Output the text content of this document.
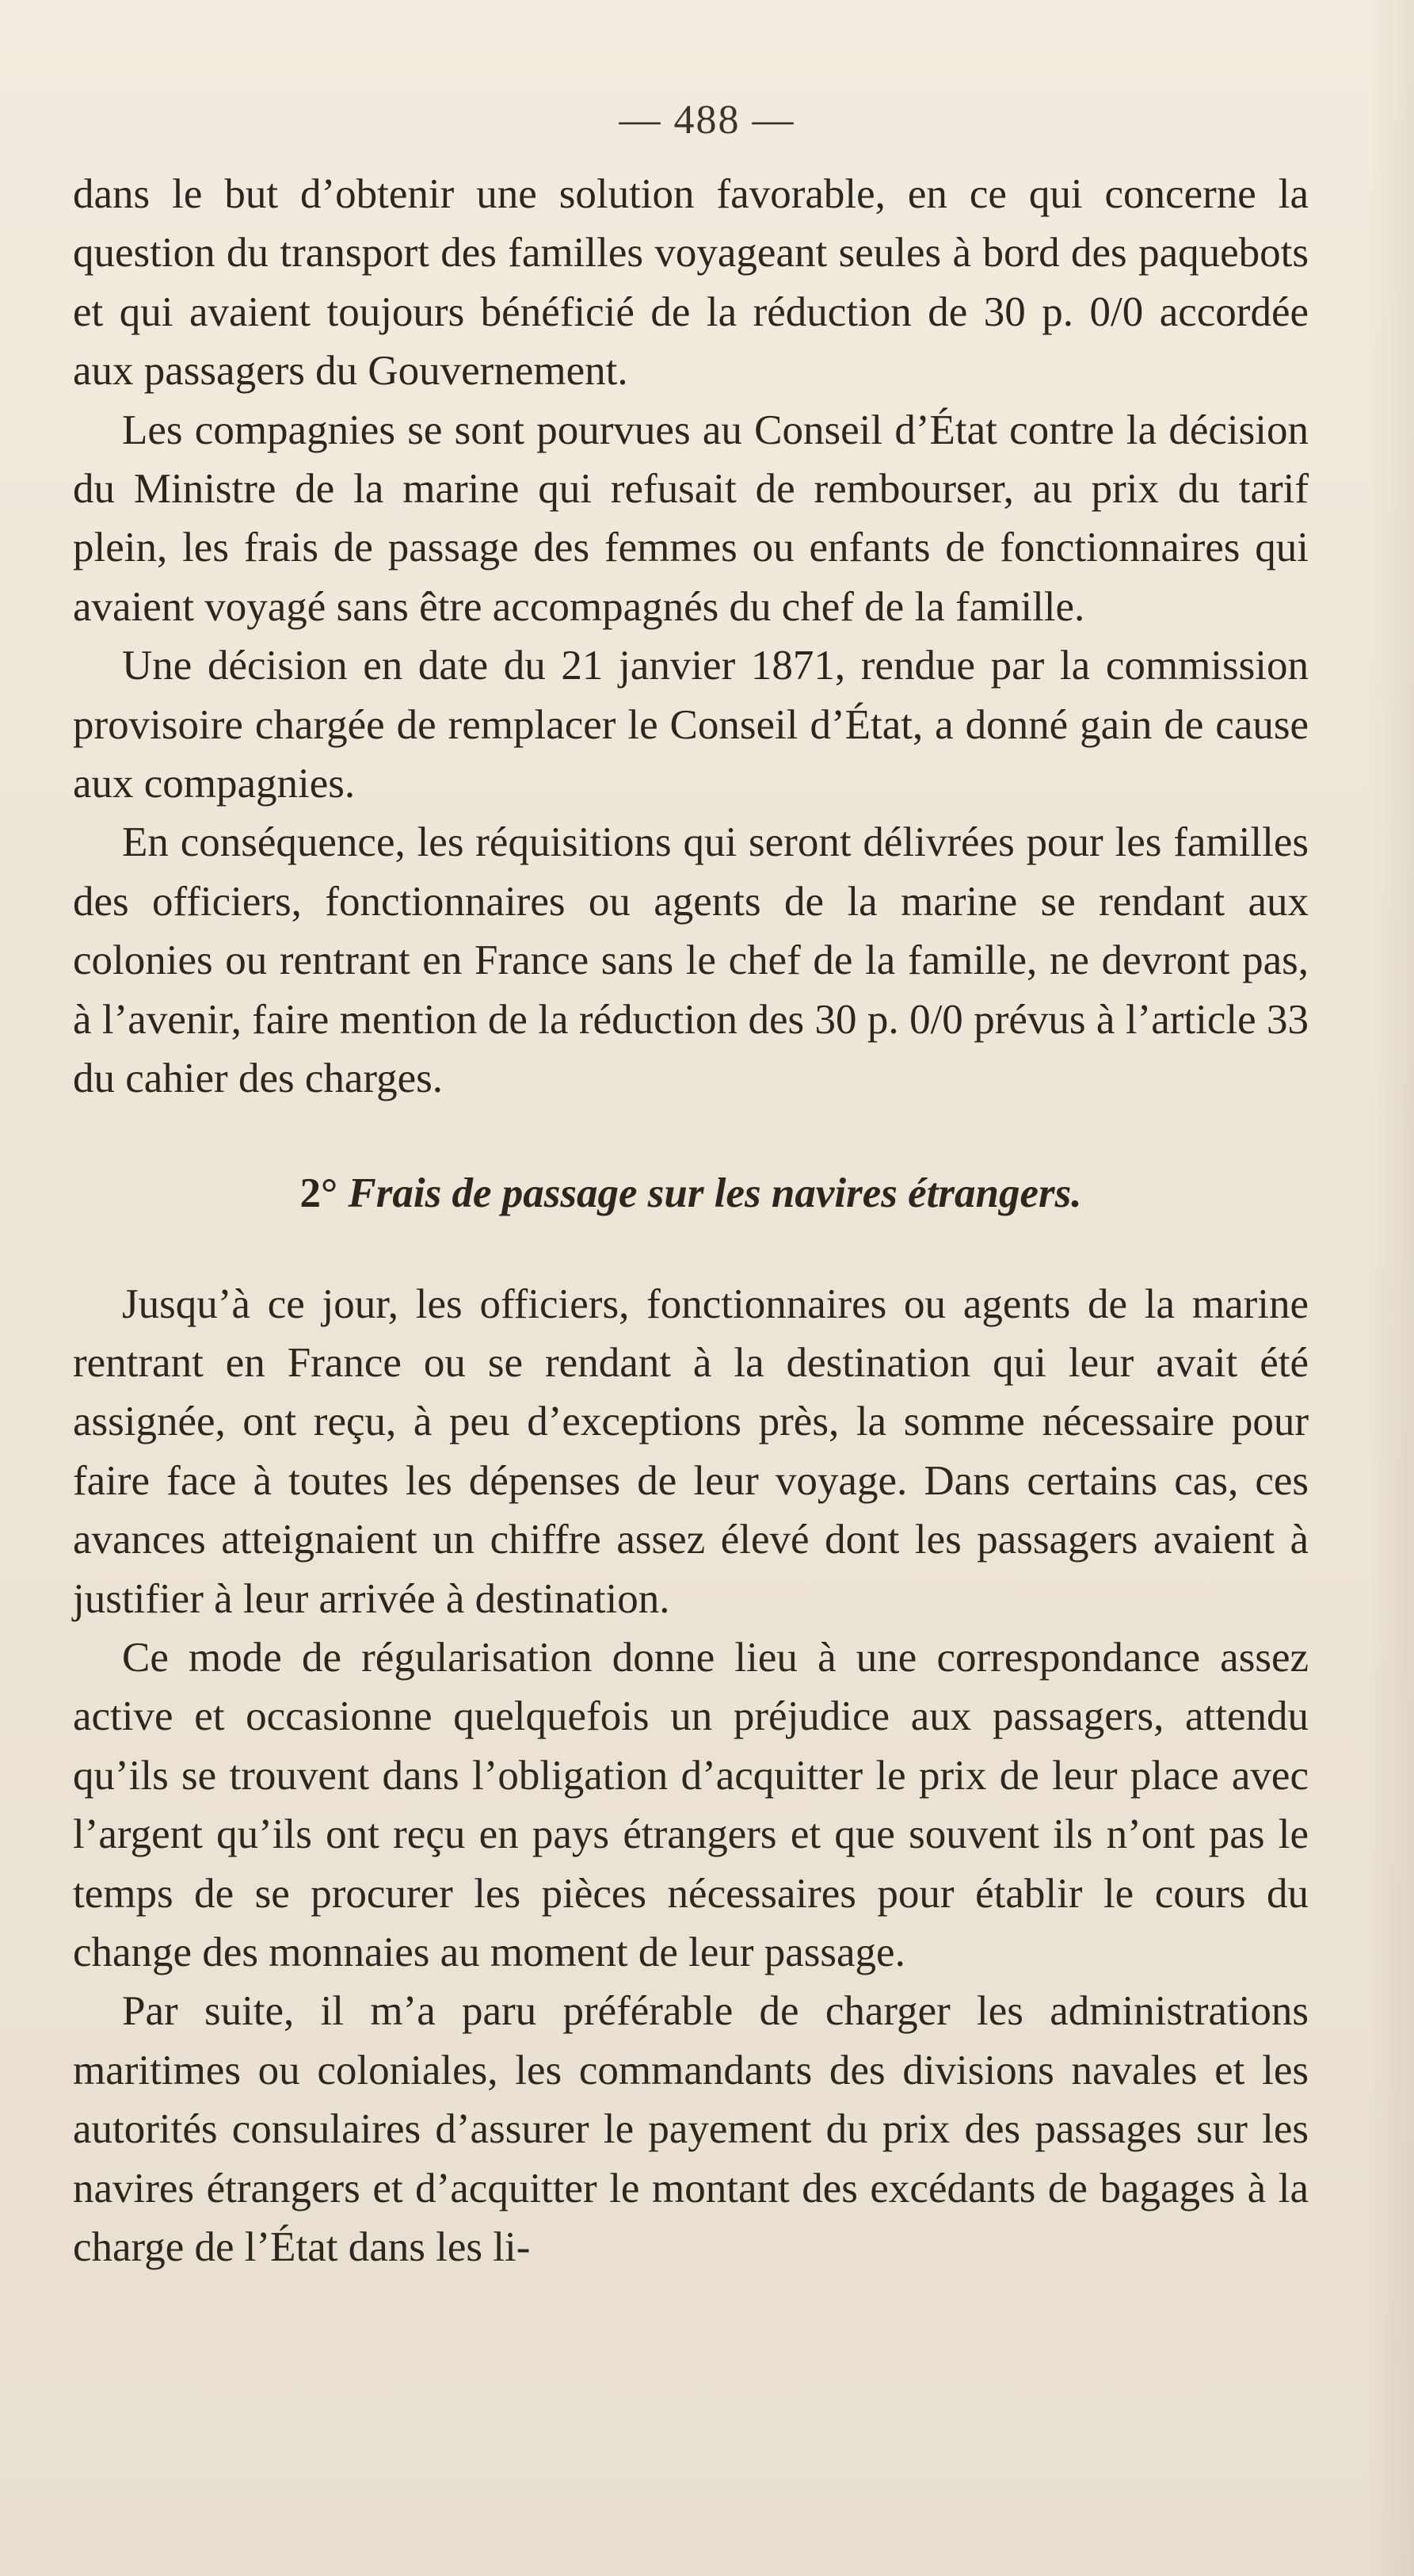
— 488 —

dans le but d’obtenir une solution favorable, en ce qui concerne la question du transport des familles voyageant seules à bord des paquebots et qui avaient toujours bénéficié de la réduction de 30 p. 0/0 accordée aux passagers du Gouvernement.

Les compagnies se sont pourvues au Conseil d’État contre la décision du Ministre de la marine qui refusait de rembourser, au prix du tarif plein, les frais de passage des femmes ou enfants de fonctionnaires qui avaient voyagé sans être accompagnés du chef de la famille.

Une décision en date du 21 janvier 1871, rendue par la commission provisoire chargée de remplacer le Conseil d’État, a donné gain de cause aux compagnies.

En conséquence, les réquisitions qui seront délivrées pour les familles des officiers, fonctionnaires ou agents de la marine se rendant aux colonies ou rentrant en France sans le chef de la famille, ne devront pas, à l’avenir, faire mention de la réduction des 30 p. 0/0 prévus à l’article 33 du cahier des charges.

2° Frais de passage sur les navires étrangers.

Jusqu’à ce jour, les officiers, fonctionnaires ou agents de la marine rentrant en France ou se rendant à la destination qui leur avait été assignée, ont reçu, à peu d’exceptions près, la somme nécessaire pour faire face à toutes les dépenses de leur voyage. Dans certains cas, ces avances atteignaient un chiffre assez élevé dont les passagers avaient à justifier à leur arrivée à destination.

Ce mode de régularisation donne lieu à une correspondance assez active et occasionne quelquefois un préjudice aux passagers, attendu qu’ils se trouvent dans l’obligation d’acquitter le prix de leur place avec l’argent qu’ils ont reçu en pays étrangers et que souvent ils n’ont pas le temps de se procurer les pièces nécessaires pour établir le cours du change des monnaies au moment de leur passage.

Par suite, il m’a paru préférable de charger les administrations maritimes ou coloniales, les commandants des divisions navales et les autorités consulaires d’assurer le payement du prix des passages sur les navires étrangers et d’acquitter le montant des excédants de bagages à la charge de l’État dans les li-
